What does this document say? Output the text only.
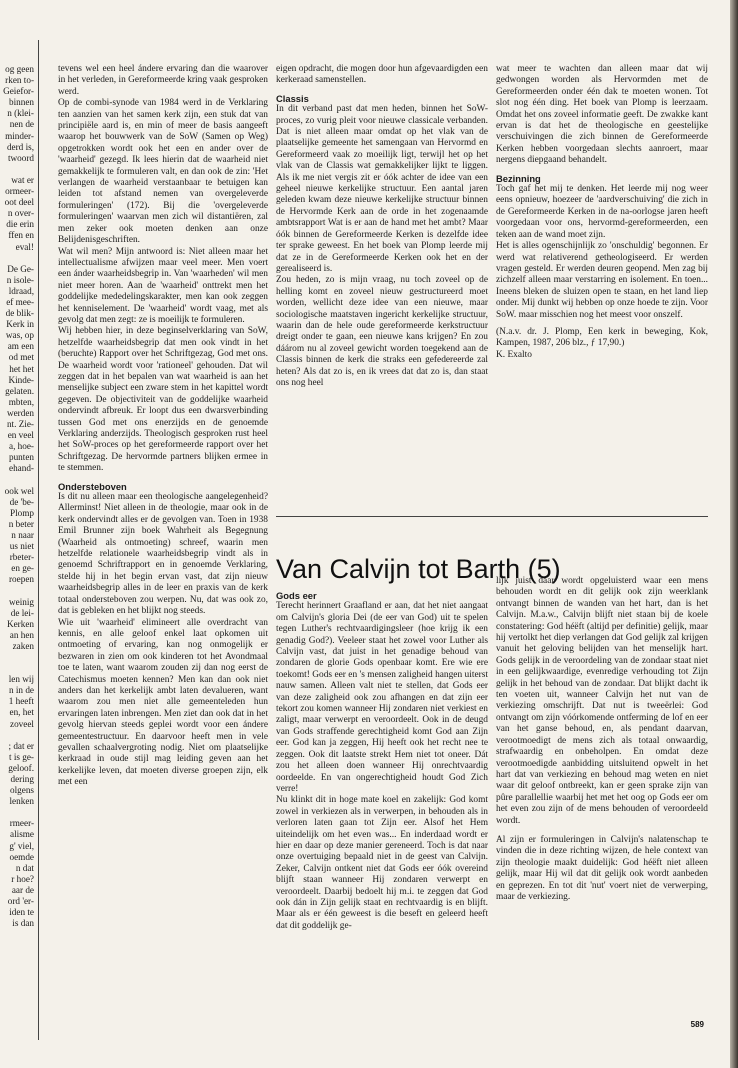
og geen
rken to-
Geiefor-
binnen
n (klei-
nen de
minder-
derd is,
twoord

wat er
ormeer-
oot deel
n over-
die erin
ffen en
eval!

De Ge-
n isole-
ldraad,
ef mee-
de blik-
Kerk in
was, op
am een
od met
het het
Kinde-
gelaten.
mbten,
werden
nt. Zie-
en veel
a, hoe-
punten
ehand-

ook wel
de 'be-
Plomp
n beter
n naar
us niet
rbeter-
en ge-
roepen

weinig
de lei-
Kerken
an hen
zaken

len wij
n in de
1 heeft
en, het
zoveel

; dat er
t is ge-
geloof.
dering
olgens
lenken

rmeer-
alisme
g' viel,
oemde
n dat
r hoe?
aar de
ord 'er-
iden te
is dan

tevens wel een heel ándere ervaring dan die waarover in het verleden, in Gereformeerde kring vaak gesproken werd.

Op de combi-synode van 1984 werd in de Verklaring ten aanzien van het samen kerk zijn, een stuk dat van principiële aard is, en min of meer de basis aangeeft waarop het bouwwerk van de SoW (Samen op Weg) opgetrokken wordt ook het een en ander over de 'waarheid' gezegd. Ik lees hierin dat de waarheid niet gemakkelijk te formuleren valt, en dan ook de zin: 'Het verlangen de waarheid verstaanbaar te betuigen kan leiden tot afstand nemen van overgeleverde formuleringen' (172). Bij die 'overgeleverde formuleringen' waarvan men zich wil distantiëren, zal men zeker ook moeten denken aan onze Belijdenisgeschriften.

Wat wil men? Mijn antwoord is: Niet alleen maar het intellectualisme afwijzen maar veel meer. Men voert een ánder waarheidsbegrip in. Van 'waarheden' wil men niet meer horen. Aan de 'waarheid' onttrekt men het goddelijke mededelingskarakter, men kan ook zeggen het kenniselement. De 'waarheid' wordt vaag, met als gevolg dat men zegt: ze is moeilijk te formuleren.

Wij hebben hier, in deze beginselverklaring van SoW, hetzelfde waarheidsbegrip dat men ook vindt in het (beruchte) Rapport over het Schriftgezag, God met ons. De waarheid wordt voor 'rationeel' gehouden. Dat wil zeggen dat in het bepalen van wat waarheid is aan het menselijke subject een zware stem in het kapittel wordt gegeven. De objectiviteit van de goddelijke waarheid ondervindt afbreuk. Er loopt dus een dwarsverbinding tussen God met ons enerzijds en de genoemde Verklaring anderzijds. Theologisch gesproken rust heel het SoW-proces op het gereformeerde rapport over het Schriftgezag. De hervormde partners blijken ermee in te stemmen.

Ondersteboven

Is dit nu alleen maar een theologische aangelegenheid? Allerminst! Niet alleen in de theologie, maar ook in de kerk ondervindt alles er de gevolgen van. Toen in 1938 Emil Brunner zijn boek Wahrheit als Begegnung (Waarheid als ontmoeting) schreef, waarin men hetzelfde relationele waarheidsbegrip vindt als in genoemd Schriftrapport en in genoemde Verklaring, stelde hij in het begin ervan vast, dat zijn nieuw waarheidsbegrip alles in de leer en praxis van de kerk totaal ondersteboven zou werpen. Nu, dat was ook zo, dat is gebleken en het blijkt nog steeds.

Wie uit 'waarheid' elimineert alle overdracht van kennis, en alle geloof enkel laat opkomen uit ontmoeting of ervaring, kan nog onmogelijk er bezwaren in zien om ook kinderen tot het Avondmaal toe te laten, want waarom zouden zij dan nog eerst de Catechismus moeten kennen? Men kan dan ook niet anders dan het kerkelijk ambt laten devalueren, want waarom zou men niet alle gemeenteleden hun ervaringen laten inbrengen. Men ziet dan ook dat in het gevolg hiervan steeds geplei wordt voor een ándere gemeentestructuur. En daarvoor heeft men in vele gevallen schaalvergroting nodig. Niet om plaatselijke kerkraad in oude stijl mag leiding geven aan het kerkelijke leven, dat moeten diverse groepen zijn, elk met een

eigen opdracht, die mogen door hun afgevaardigden een kerkeraad samenstellen.

Classis

In dit verband past dat men heden, binnen het SoW-proces, zo vurig pleit voor nieuwe classicale verbanden. Dat is niet alleen maar omdat op het vlak van de plaatselijke gemeente het samengaan van Hervormd en Gereformeerd vaak zo moeilijk ligt, terwijl het op het vlak van de Classis wat gemakkelijker lijkt te liggen. Als ik me niet vergis zit er óók achter de idee van een geheel nieuwe kerkelijke structuur. Een aantal jaren geleden kwam deze nieuwe kerkelijke structuur binnen de Hervormde Kerk aan de orde in het zogenaamde ambtsrapport Wat is er aan de hand met het ambt? Maar óók binnen de Gereformeerde Kerken is dezelfde idee ter sprake geweest. En het boek van Plomp leerde mij dat ze in de Gereformeerde Kerken ook het en der gerealiseerd is.

Zou heden, zo is mijn vraag, nu toch zoveel op de helling komt en zoveel nieuw gestructureerd moet worden, wellicht deze idee van een nieuwe, maar sociologische maatstaven ingericht kerkelijke structuur, waarin dan de hele oude gereformeerde kerkstructuur dreigt onder te gaan, een nieuwe kans krijgen? En zou dáárom nu al zoveel gewicht worden toegekend aan de Classis binnen de kerk die straks een gefedereerde zal heten? Als dat zo is, en ik vrees dat dat zo is, dan staat ons nog heel

wat meer te wachten dan alleen maar dat wij gedwongen worden als Hervormden met de Gereformeerden onder één dak te moeten wonen. Tot slot nog één ding. Het boek van Plomp is leerzaam. Omdat het ons zoveel informatie geeft. De zwakke kant ervan is dat het de theologische en geestelijke verschuivingen die zich binnen de Gereformeerde Kerken hebben voorgedaan slechts aanroert, maar nergens diepgaand behandelt.

Bezinning

Toch gaf het mij te denken. Het leerde mij nog weer eens opnieuw, hoezeer de 'aardverschuiving' die zich in de Gereformeerde Kerken in de na-oorlogse jaren heeft voorgedaan voor ons, hervormd-gereformeerden, een teken aan de wand moet zijn.

Het is alles ogenschijnlijk zo 'onschuldig' begonnen. Er werd wat relativerend getheologiseerd. Er werden vragen gesteld. Er werden deuren geopend. Men zag bij zichzelf alleen maar verstarring en isolement. En toen... Ineens bleken de sluizen open te staan, en het land liep onder. Mij dunkt wij hebben op onze hoede te zijn. Voor SoW. maar misschien nog het meest voor onszelf.

(N.a.v. dr. J. Plomp, Een kerk in beweging, Kok, Kampen, 1987, 206 blz., ƒ 17,90.)

K. Exalto

Van Calvijn tot Barth (5)
Gods eer

Terecht herinnert Graafland er aan, dat het niet aangaat om Calvijn's gloria Dei (de eer van God) uit te spelen tegen Luther's rechtvaardigingsleer (hoe krijg ik een genadig God?). Veeleer staat het zowel voor Luther als Calvijn vast, dat juist in het genadige behoud van zondaren de glorie Gods openbaar komt. Ere wie ere toekomt! Gods eer en 's mensen zaligheid hangen uiterst nauw samen. Alleen valt niet te stellen, dat Gods eer van deze zaligheid ook zou afhangen en dat zijn eer tekort zou komen wanneer Hij zondaren niet verkiest en zaligt, maar verwerpt en veroordeelt. Ook in de deugd van Gods straffende gerechtigheid komt God aan Zijn eer. God kan ja zeggen, Hij heeft ook het recht nee te zeggen. Ook dit laatste strekt Hem niet tot oneer. Dát zou het alleen doen wanneer Hij onrechtvaardig oordeelde. En van ongerechtigheid houdt God Zich verre!

Nu klinkt dit in hoge mate koel en zakelijk: God komt zowel in verkiezen als in verwerpen, in behouden als in verloren laten gaan tot Zijn eer. Alsof het Hem uiteindelijk om het even was... En inderdaad wordt er hier en daar op deze manier gereneerd. Toch is dat naar onze overtuiging bepaald niet in de geest van Calvijn. Zeker, Calvijn ontkent niet dat Gods eer óók overeind blijft staan wanneer Hij zondaren verwerpt en veroordeelt. Daarbij bedoelt hij m.i. te zeggen dat God ook dán in Zijn gelijk staat en rechtvaardig is en blijft. Maar als er één geweest is die beseft en geleerd heeft dat dit goddelijk ge-

lijk juist daar wordt opgeluisterd waar een mens behouden wordt en dit gelijk ook zijn weerklank ontvangt binnen de wanden van het hart, dan is het Calvijn. M.a.w., Calvijn blijft niet staan bij de koele constatering: God héëft (altijd per definitie) gelijk, maar hij vertolkt het diep verlangen dat God gelijk zal krijgen vanuit het geloving belijden van het menselijk hart. Gods gelijk in de veroordeling van de zondaar staat niet in een gelijkwaardige, evenredige verhouding tot Zijn gelijk in het behoud van de zondaar. Dat blijkt dacht ik ten voeten uit, wanneer Calvijn het nut van de verkiezing omschrijft. Dat nut is tweeërlei: God ontvangt om zijn vóórkomende ontferming de lof en eer van het ganse behoud, en, als pendant daarvan, verootmoedigt de mens zich als totaal onwaardig, strafwaardig en onbeholpen. En omdat deze verootmoedigde aanbidding uitsluitend opwelt in het hart dat van verkiezing en behoud mag weten en niet waar dit geloof ontbreekt, kan er geen sprake zijn van pûre parallellie waarbij het met het oog op Gods eer om het even zou zijn of de mens behouden of veroordeeld wordt.

Al zijn er formuleringen in Calvijn's nalatenschap te vinden die in deze richting wijzen, de hele context van zijn theologie maakt duidelijk: God héëft niet alleen gelijk, maar Hij wil dat dit gelijk ook wordt aanbeden en geprezen. En tot dit 'nut' voert niet de verwerping, maar de verkiezing.

589
